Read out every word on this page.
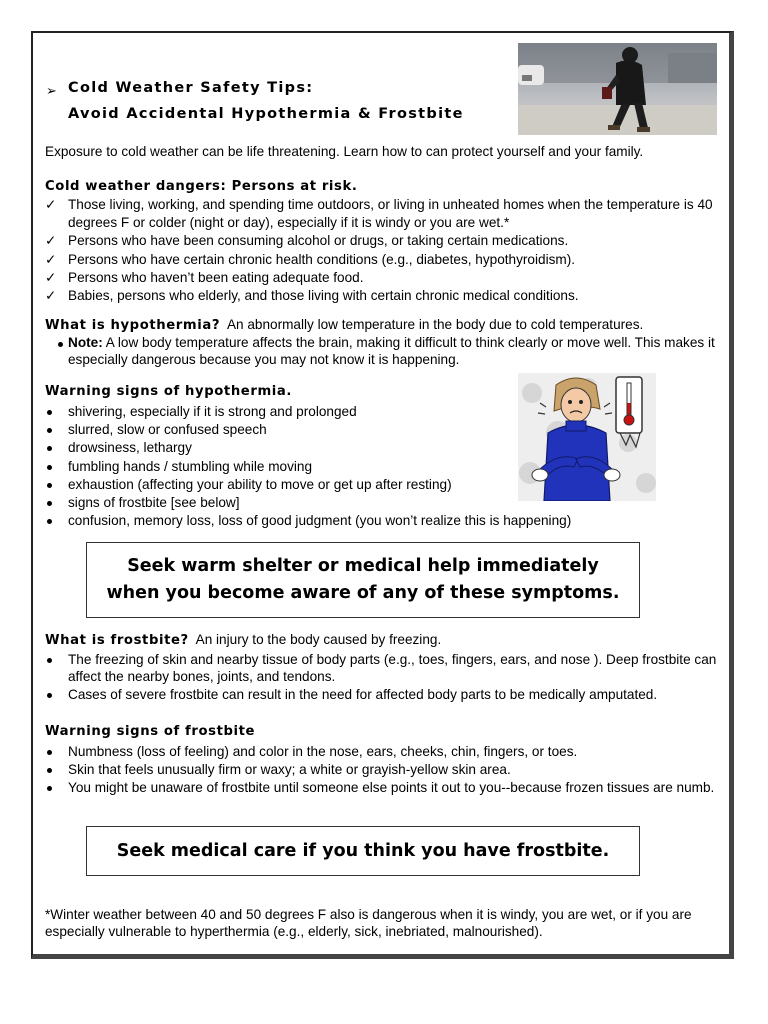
➢ Cold Weather Safety Tips:
Avoid Accidental Hypothermia & Frostbite
Exposure to cold weather can be life threatening. Learn how to can protect yourself and your family.
Cold weather dangers: Persons at risk.
✓ Those living, working, and spending time outdoors, or living in unheated homes when the temperature is 40 degrees F or colder (night or day), especially if it is windy or you are wet.*
✓ Persons who have been consuming alcohol or drugs, or taking certain medications.
✓ Persons who have certain chronic health conditions (e.g., diabetes, hypothyroidism).
✓ Persons who haven’t been eating adequate food.
✓ Babies, persons who elderly, and those living with certain chronic medical conditions.
What is hypothermia? An abnormally low temperature in the body due to cold temperatures.
Note: A low body temperature affects the brain, making it difficult to think clearly or move well. This makes it especially dangerous because you may not know it is happening.
Warning signs of hypothermia.
shivering, especially if it is strong and prolonged
slurred, slow or confused speech
drowsiness, lethargy
fumbling hands / stumbling while moving
exhaustion (affecting your ability to move or get up after resting)
signs of frostbite [see below]
confusion, memory loss, loss of good judgment (you won’t realize this is happening)
Seek warm shelter or medical help immediately
when you become aware of any of these symptoms.
What is frostbite? An injury to the body caused by freezing.
The freezing of skin and nearby tissue of body parts (e.g., toes, fingers, ears, and nose ). Deep frostbite can affect the nearby bones, joints, and tendons.
Cases of severe frostbite can result in the need for affected body parts to be medically amputated.
Warning signs of frostbite
Numbness (loss of feeling) and color in the nose, ears, cheeks, chin, fingers, or toes.
Skin that feels unusually firm or waxy; a white or grayish-yellow skin area.
You might be unaware of frostbite until someone else points it out to you--because frozen tissues are numb.
Seek medical care if you think you have frostbite.
*Winter weather between 40 and 50 degrees F also is dangerous when it is windy, you are wet, or if you are especially vulnerable to hyperthermia (e.g., elderly, sick, inebriated, malnourished).
